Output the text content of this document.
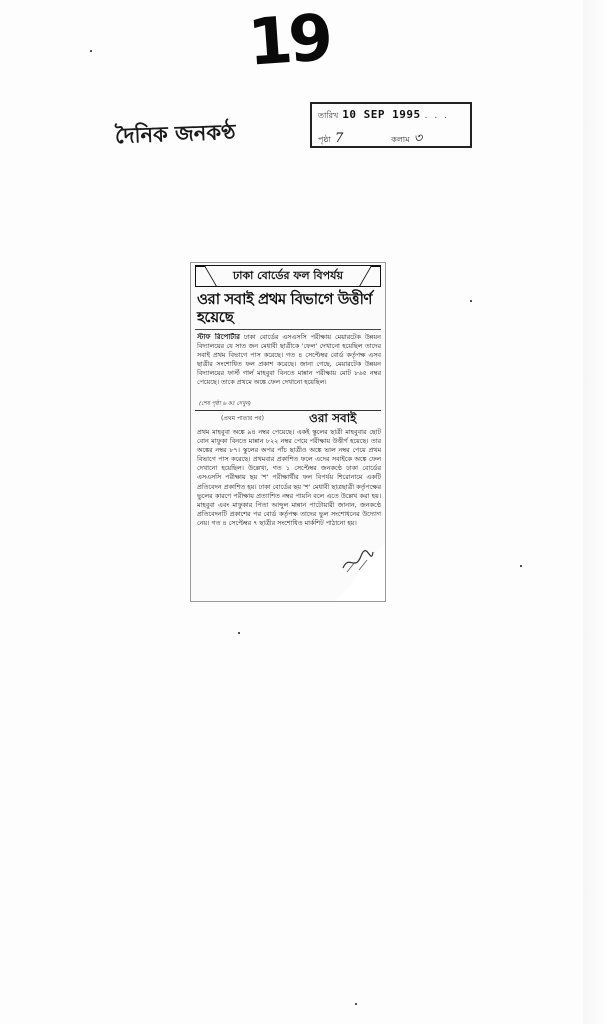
19
দৈনিক জনকণ্ঠ
তারিখ 10 SEP 1995 . . .
পৃষ্ঠা 7	কলাম ৩
ঢাকা বোর্ডের ফল বিপর্যয়
ওরা সবাই প্রথম বিভাগে উত্তীর্ণ হয়েছে
স্টাফ রিপোর্টার ঢাকা বোর্ডের এসএসসি পরীক্ষায় মেয়ারটেক উন্নয়ন বিদ্যালয়ের যে সাত জন মেধাবী ছাত্রীকে 'ফেল' দেখানো হয়েছিল তাদের সবাই প্রথম বিভাগে পাস করেছে। গত ৪ সেপ্টেম্বর বোর্ড কর্তৃপক্ষ এসব ছাত্রীর সংশোধিত ফল প্রকাশ করেছে। জানা গেছে, মেয়ারটেক উন্নয়ন বিদ্যালয়ের ফার্স্ট গার্ল মাহবুবা বিনতে মান্নান পরীক্ষায় মোট ৮৬৫ নম্বর পেয়েছে। তাকে প্রথমে অঙ্কে ফেল দেখানো হয়েছিল।
(শেষ পৃষ্ঠা ৬ কঃ দেখুন)
(প্রথম পাতার পর)	ওরা সবাই
প্রথম মাহবুবা অঙ্কে ৯৪ নম্বর পেয়েছে। একই স্কুলের ছাত্রী মাহবুবার ছোট বোন মাফুকা বিনতে মান্নান ৮২২ নম্বর পেয়ে পরীক্ষায় উত্তীর্ণ হয়েছে। তার অঙ্কের নম্বর ৮৭। স্কুলের অপর পাঁচ ছাত্রীও অঙ্কে ভাল নম্বর পেয়ে প্রথম বিভাগে পাস করেছে। প্রথমবার প্রকাশিত ফলে এদের সবাইকে অঙ্কে ফেল দেখানো হয়েছিল। উল্লেখ্য, গত ১ সেপ্টেম্বর জনকণ্ঠে ঢাকা বোর্ডের এসএসসি পরীক্ষায় ছয় 'শ' পরীক্ষার্থীর ফল বিপর্যয় শিরোনামে একটি প্রতিবেদন প্রকাশিত হয়। ঢাকা বোর্ডের ছয় 'শ' মেধাবী ছাত্রছাত্রী কর্তৃপক্ষের ভুলের কারণে পরীক্ষায় প্রত্যাশিত নম্বর পায়নি বলে এতে উল্লেখ করা হয়। মাহবুবা এবং মাফুকার পিতা আব্দুল মান্নান পাটোয়ারী জানান, জনকণ্ঠে প্রতিবেদনটি প্রকাশের পর বোর্ড কর্তৃপক্ষ তাদের ভুল সংশোধনের উদ্যোগ নেয়। গত ৪ সেপ্টেম্বর ৭ ছাত্রীর সংশোধিত মার্কশিট পাঠানো হয়।
